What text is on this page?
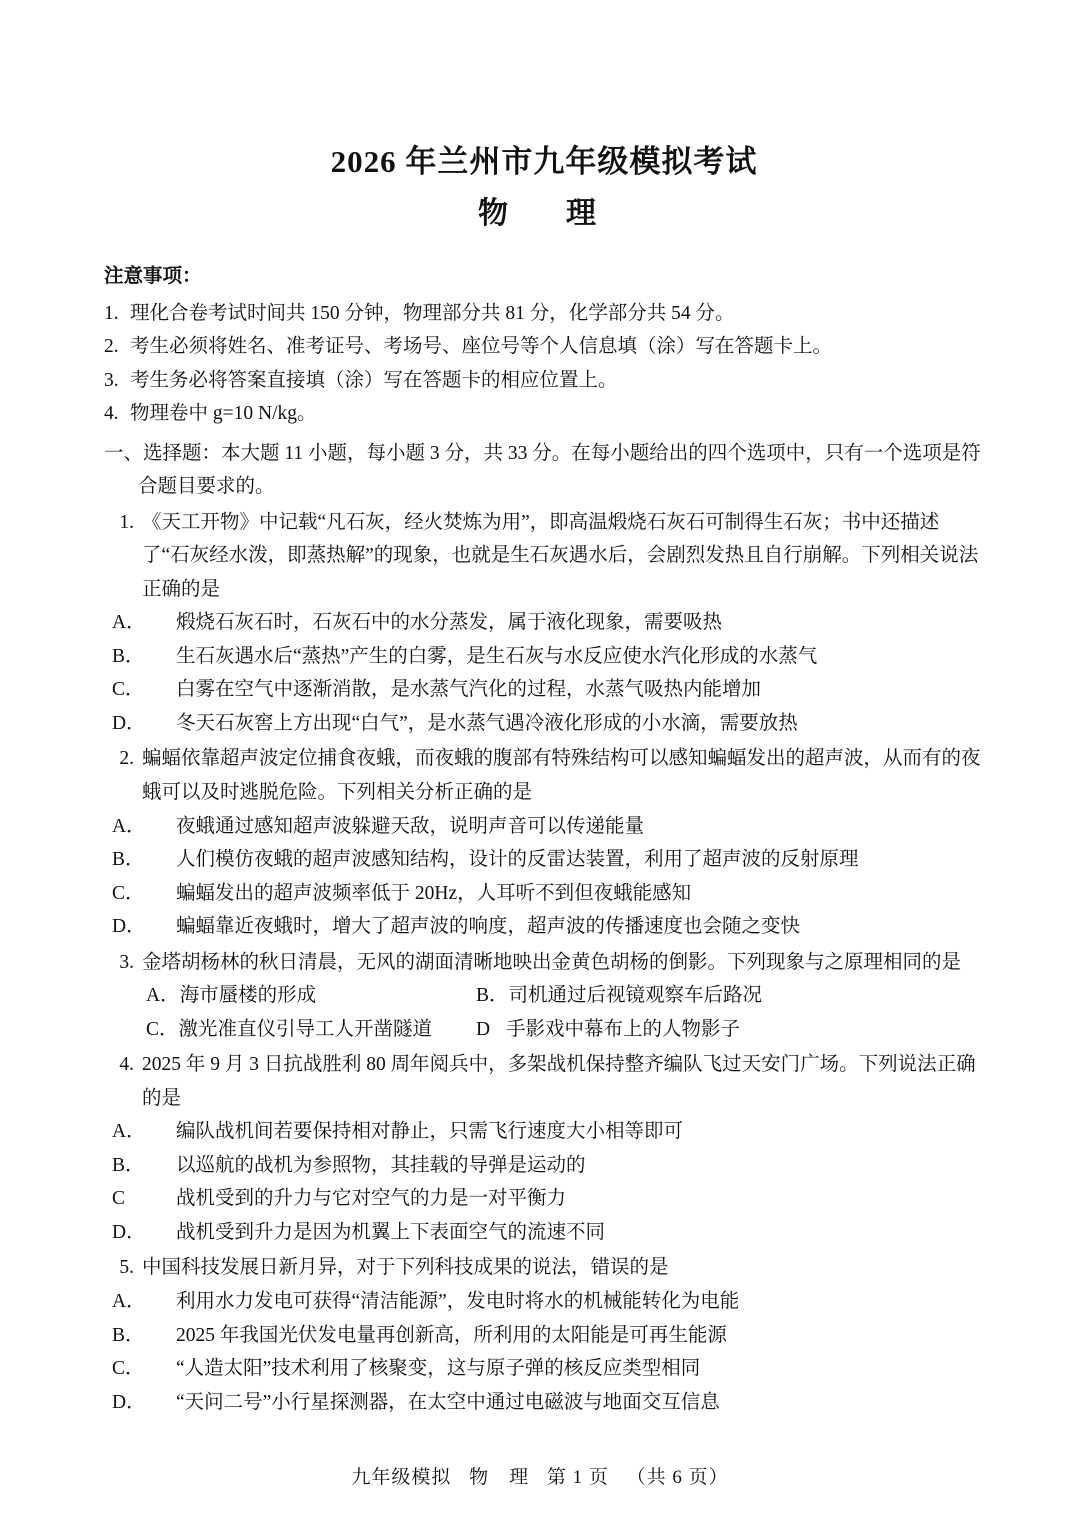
2026 年兰州市九年级模拟考试
物　理
注意事项：

1. 理化合卷考试时间共 150 分钟，物理部分共 81 分，化学部分共 54 分。

2. 考生必须将姓名、准考证号、考场号、座位号等个人信息填（涂）写在答题卡上。

3. 考生务必将答案直接填（涂）写在答题卡的相应位置上。

4. 物理卷中 g=10 N/kg。

一、选择题：本大题 11 小题，每小题 3 分，共 33 分。在每小题给出的四个选项中，只有一个选项是符合题目要求的。

1. 《天工开物》中记载“凡石灰，经火焚炼为用”，即高温煅烧石灰石可制得生石灰；书中还描述了“石灰经水泼，即蒸热解”的现象，也就是生石灰遇水后，会剧烈发热且自行崩解。下列相关说法正确的是

A． 煅烧石灰石时，石灰石中的水分蒸发，属于液化现象，需要吸热

B． 生石灰遇水后“蒸热”产生的白雾，是生石灰与水反应使水汽化形成的水蒸气

C． 白雾在空气中逐渐消散，是水蒸气汽化的过程，水蒸气吸热内能增加

D． 冬天石灰窖上方出现“白气”，是水蒸气遇冷液化形成的小水滴，需要放热

2. 蝙蝠依靠超声波定位捕食夜蛾，而夜蛾的腹部有特殊结构可以感知蝙蝠发出的超声波，从而有的夜蛾可以及时逃脱危险。下列相关分析正确的是

A． 夜蛾通过感知超声波躲避天敌，说明声音可以传递能量

B． 人们模仿夜蛾的超声波感知结构，设计的反雷达装置，利用了超声波的反射原理

C． 蝙蝠发出的超声波频率低于 20Hz，人耳听不到但夜蛾能感知

D． 蝙蝠靠近夜蛾时，增大了超声波的响度，超声波的传播速度也会随之变快

3. 金塔胡杨林的秋日清晨，无风的湖面清晰地映出金黄色胡杨的倒影。下列现象与之原理相同的是

A． 海市蜃楼的形成	B． 司机通过后视镜观察车后路况
C． 激光准直仪引导工人开凿隧道 D 手影戏中幕布上的人物影子

4. 2025 年 9 月 3 日抗战胜利 80 周年阅兵中，多架战机保持整齐编队飞过天安门广场。下列说法正确的是

A． 编队战机间若要保持相对静止，只需飞行速度大小相等即可

B． 以巡航的战机为参照物，其挂载的导弹是运动的

C	战机受到的升力与它对空气的力是一对平衡力

D． 战机受到升力是因为机翼上下表面空气的流速不同

5. 中国科技发展日新月异，对于下列科技成果的说法，错误的是

A． 利用水力发电可获得“清洁能源”，发电时将水的机械能转化为电能

B． 2025 年我国光伏发电量再创新高，所利用的太阳能是可再生能源

C． “人造太阳”技术利用了核聚变，这与原子弹的核反应类型相同

D． “天问二号”小行星探测器，在太空中通过电磁波与地面交互信息

九年级模拟 物　理 第 1 页 （共 6 页）
